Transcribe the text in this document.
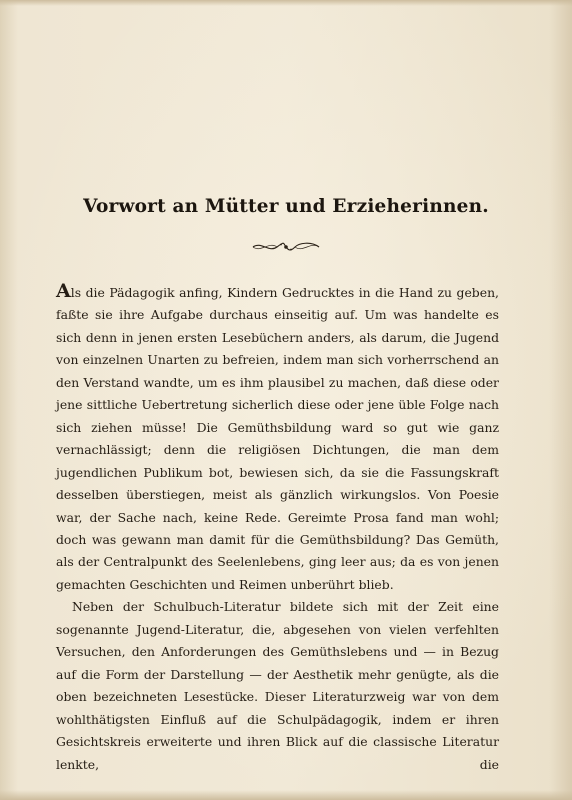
Vorwort an Mütter und Erzieherinnen.

Als die Pädagogik anfing, Kindern Gedrucktes in die Hand zu geben, faßte sie ihre Aufgabe durchaus einseitig auf. Um was handelte es sich denn in jenen ersten Lesebüchern anders, als darum, die Jugend von einzelnen Unarten zu befreien, indem man sich vorherrschend an den Verstand wandte, um es ihm plausibel zu machen, daß diese oder jene sittliche Uebertretung sicherlich diese oder jene üble Folge nach sich ziehen müsse! Die Gemüthsbildung ward so gut wie ganz vernachlässigt; denn die religiösen Dichtungen, die man dem jugendlichen Publikum bot, bewiesen sich, da sie die Fassungskraft desselben überstiegen, meist als gänzlich wirkungslos. Von Poesie war, der Sache nach, keine Rede. Gereimte Prosa fand man wohl; doch was gewann man damit für die Gemüthsbildung? Das Gemüth, als der Centralpunkt des Seelenlebens, ging leer aus; da es von jenen gemachten Geschichten und Reimen unberührt blieb.

Neben der Schulbuch-Literatur bildete sich mit der Zeit eine sogenannte Jugend-Literatur, die, abgesehen von vielen verfehlten Versuchen, den Anforderungen des Gemüthslebens und — in Bezug auf die Form der Darstellung — der Aesthetik mehr genügte, als die oben bezeichneten Lesestücke. Dieser Literaturzweig war von dem wohlthätigsten Einfluß auf die Schulpädagogik, indem er ihren Gesichtskreis erweiterte und ihren Blick auf die classische Literatur lenkte, die
